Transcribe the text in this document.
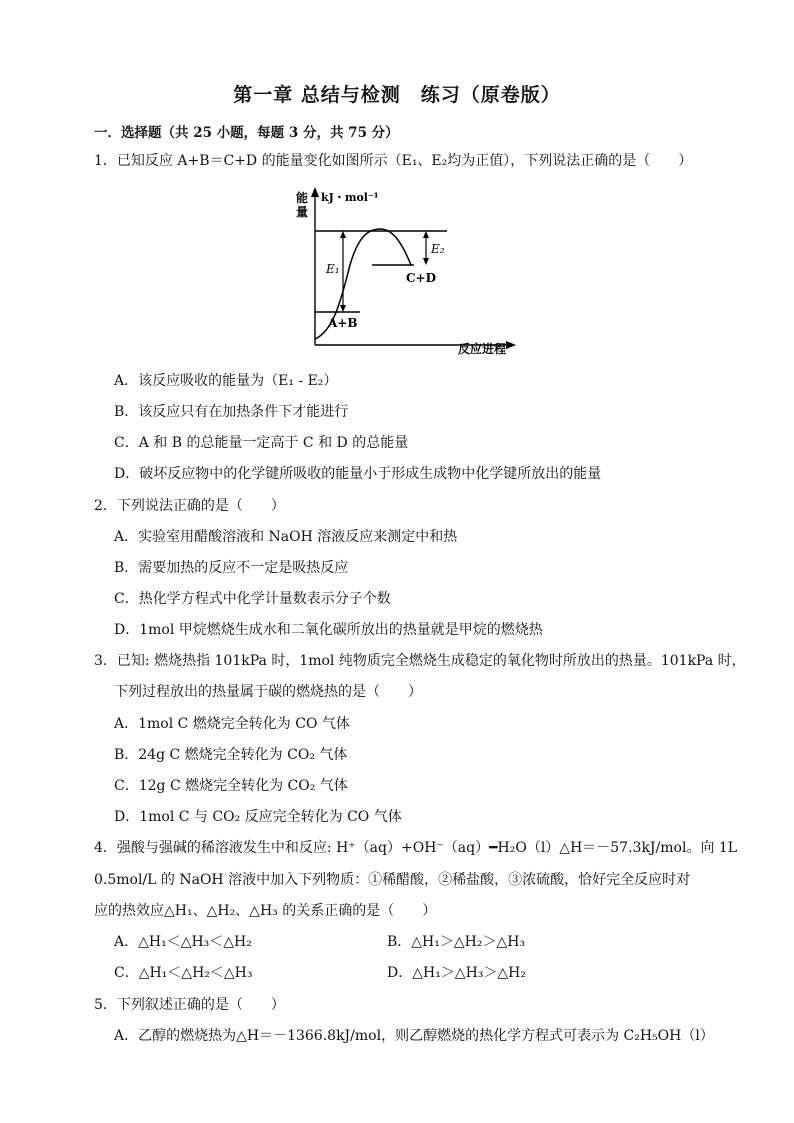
第一章 总结与检测　练习（原卷版）
一．选择题（共 25 小题，每题 3 分，共 75 分）
1．已知反应 A+B＝C+D 的能量变化如图所示（E₁、E₂均为正值），下列说法正确的是（　　）
能
量
kJ・mol⁻¹
反应进程
E₁
E₂
A+B
C+D
A．该反应吸收的能量为（E₁ - E₂）
B．该反应只有在加热条件下才能进行
C．A 和 B 的总能量一定高于 C 和 D 的总能量
D．破坏反应物中的化学键所吸收的能量小于形成生成物中化学键所放出的能量
2．下列说法正确的是（　　）
A．实验室用醋酸溶液和 NaOH 溶液反应来测定中和热
B．需要加热的反应不一定是吸热反应
C．热化学方程式中化学计量数表示分子个数
D．1mol 甲烷燃烧生成水和二氧化碳所放出的热量就是甲烷的燃烧热
3．已知: 燃烧热指 101kPa 时，1mol 纯物质完全燃烧生成稳定的氧化物时所放出的热量。101kPa 时，
下列过程放出的热量属于碳的燃烧热的是（　　）
A．1mol C 燃烧完全转化为 CO 气体
B．24g C 燃烧完全转化为 CO₂ 气体
C．12g C 燃烧完全转化为 CO₂ 气体
D．1mol C 与 CO₂ 反应完全转化为 CO 气体
4．强酸与强碱的稀溶液发生中和反应: H⁺（aq）+OH⁻（aq）━H₂O（l）△H＝－57.3kJ/mol。向 1L
0.5mol/L 的 NaOH 溶液中加入下列物质：①稀醋酸，②稀盐酸，③浓硫酸，恰好完全反应时对
应的热效应△H₁、△H₂、△H₃ 的关系正确的是（　　）
A．△H₁＜△H₃＜△H₂	B．△H₁＞△H₂＞△H₃
C．△H₁＜△H₂＜△H₃	D．△H₁＞△H₃＞△H₂
5．下列叙述正确的是（　　）
A．乙醇的燃烧热为△H＝－1366.8kJ/mol，则乙醇燃烧的热化学方程式可表示为 C₂H₅OH（l）
